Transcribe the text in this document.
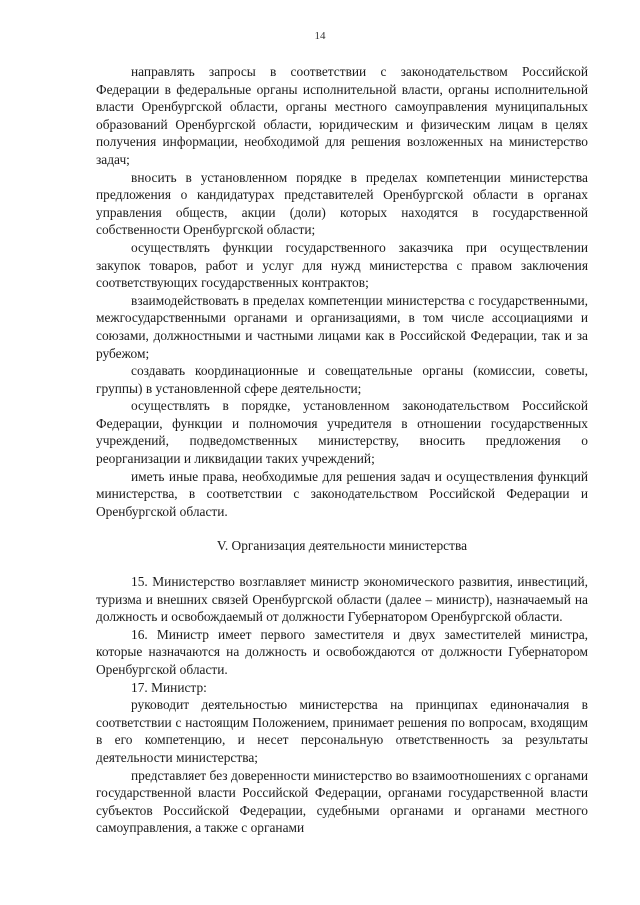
14

направлять запросы в соответствии с законодательством Российской Федерации в федеральные органы исполнительной власти, органы исполнительной власти Оренбургской области, органы местного самоуправления муниципальных образований Оренбургской области, юридическим и физическим лицам в целях получения информации, необходимой для решения возложенных на министерство задач;

вносить в установленном порядке в пределах компетенции министерства предложения о кандидатурах представителей Оренбургской области в органах управления обществ, акции (доли) которых находятся в государственной собственности Оренбургской области;

осуществлять функции государственного заказчика при осуществлении закупок товаров, работ и услуг для нужд министерства с правом заключения соответствующих государственных контрактов;

взаимодействовать в пределах компетенции министерства с государственными, межгосударственными органами и организациями, в том числе ассоциациями и союзами, должностными и частными лицами как в Российской Федерации, так и за рубежом;

создавать координационные и совещательные органы (комиссии, советы, группы) в установленной сфере деятельности;

осуществлять в порядке, установленном законодательством Российской Федерации, функции и полномочия учредителя в отношении государственных учреждений, подведомственных министерству, вносить предложения о реорганизации и ликвидации таких учреждений;

иметь иные права, необходимые для решения задач и осуществления функций министерства, в соответствии с законодательством Российской Федерации и Оренбургской области.

V. Организация деятельности министерства

15. Министерство возглавляет министр экономического развития, инвестиций, туризма и внешних связей Оренбургской области (далее – министр), назначаемый на должность и освобождаемый от должности Губернатором Оренбургской области.

16. Министр имеет первого заместителя и двух заместителей министра, которые назначаются на должность и освобождаются от должности Губернатором Оренбургской области.

17. Министр:

руководит деятельностью министерства на принципах единоначалия в соответствии с настоящим Положением, принимает решения по вопросам, входящим в его компетенцию, и несет персональную ответственность за результаты деятельности министерства;

представляет без доверенности министерство во взаимоотношениях с органами государственной власти Российской Федерации, органами государственной власти субъектов Российской Федерации, судебными органами и органами местного самоуправления, а также с органами
